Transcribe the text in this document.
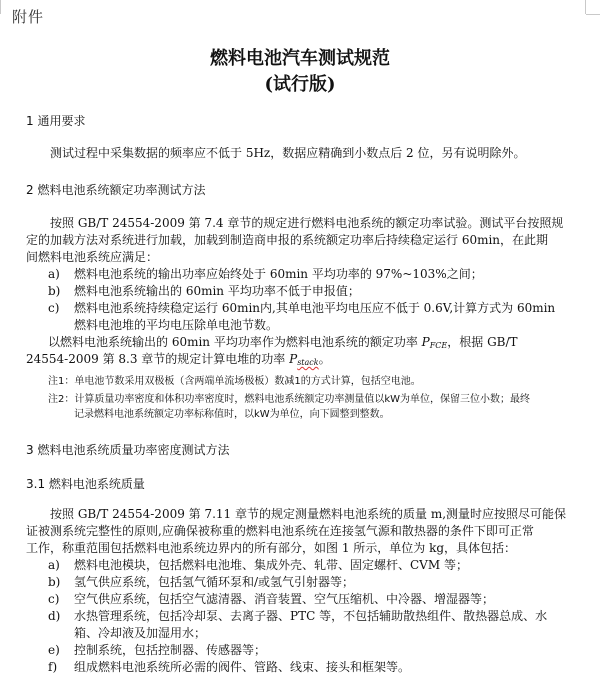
附件
燃料电池汽车测试规范
(试行版)
1 通用要求
测试过程中采集数据的频率应不低于 5Hz，数据应精确到小数点后 2 位，另有说明除外。
2 燃料电池系统额定功率测试方法
按照 GB/T 24554-2009 第 7.4 章节的规定进行燃料电池系统的额定功率试验。测试平台按照规
定的加载方法对系统进行加载，加载到制造商申报的系统额定功率后持续稳定运行 60min，在此期
间燃料电池系统应满足：
a) 燃料电池系统的输出功率应始终处于 60min 平均功率的 97%~103%之间；
b) 燃料电池系统输出的 60min 平均功率不低于申报值；
c) 燃料电池系统持续稳定运行 60min内,其单电池平均电压应不低于 0.6V,计算方式为 60min
燃料电池堆的平均电压除单电池节数。
以燃料电池系统输出的 60min 平均功率作为燃料电池系统的额定功率 $P_{FCE}$，根据 GB/T
24554-2009 第 8.3 章节的规定计算电堆的功率 $P_{stack}$。
注1：单电池节数采用双极板（含两端单流场极板）数减1的方式计算，包括空电池。
注2：计算质量功率密度和体积功率密度时，燃料电池系统额定功率测量值以kW为单位，保留三位小数；最终
记录燃料电池系统额定功率标称值时，以kW为单位，向下圆整到整数。
3 燃料电池系统质量功率密度测试方法
3.1 燃料电池系统质量
按照 GB/T 24554-2009 第 7.11 章节的规定测量燃料电池系统的质量 m,测量时应按照尽可能保
证被测系统完整性的原则,应确保被称重的燃料电池系统在连接氢气源和散热器的条件下即可正常
工作，称重范围包括燃料电池系统边界内的所有部分，如图 1 所示，单位为 kg，具体包括：
a) 燃料电池模块，包括燃料电池堆、集成外壳、轧带、固定螺杆、CVM 等；
b) 氢气供应系统，包括氢气循环泵和/或氢气引射器等；
c) 空气供应系统，包括空气滤清器、消音装置、空气压缩机、中冷器、增湿器等；
d) 水热管理系统，包括冷却泵、去离子器、PTC 等，不包括辅助散热组件、散热器总成、水
箱、冷却液及加湿用水；
e) 控制系统，包括控制器、传感器等；
f) 组成燃料电池系统所必需的阀件、管路、线束、接头和框架等。
